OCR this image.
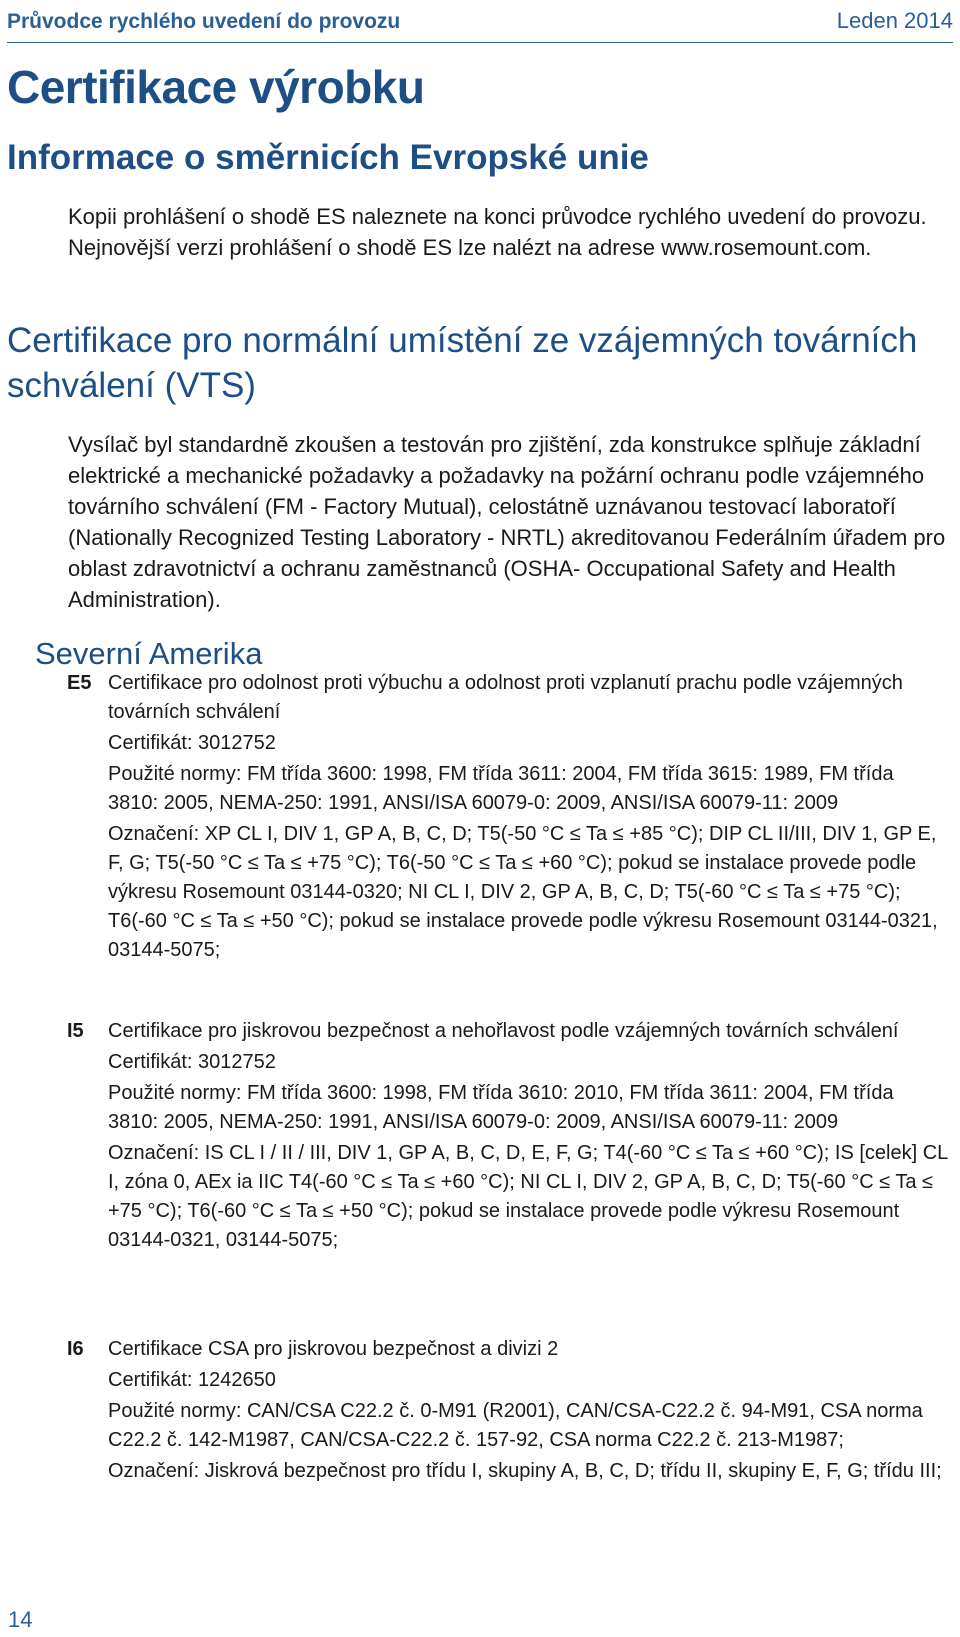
Průvodce rychlého uvedení do provozu	Leden 2014
Certifikace výrobku
Informace o směrnicích Evropské unie
Kopii prohlášení o shodě ES naleznete na konci průvodce rychlého uvedení do provozu. Nejnovější verzi prohlášení o shodě ES lze nalézt na adrese www.rosemount.com.
Certifikace pro normální umístění ze vzájemných továrních schválení (VTS)
Vysílač byl standardně zkoušen a testován pro zjištění, zda konstrukce splňuje základní elektrické a mechanické požadavky a požadavky na požární ochranu podle vzájemného továrního schválení (FM - Factory Mutual), celostátně uznávanou testovací laboratoří (Nationally Recognized Testing Laboratory - NRTL) akreditovanou Federálním úřadem pro oblast zdravotnictví a ochranu zaměstnanců (OSHA- Occupational Safety and Health Administration).
Severní Amerika
E5 Certifikace pro odolnost proti výbuchu a odolnost proti vzplanutí prachu podle vzájemných továrních schválení
Certifikát: 3012752
Použité normy: FM třída 3600: 1998, FM třída 3611: 2004, FM třída 3615: 1989, FM třída 3810: 2005, NEMA-250: 1991, ANSI/ISA 60079-0: 2009, ANSI/ISA 60079-11: 2009
Označení: XP CL I, DIV 1, GP A, B, C, D; T5(-50 °C ≤ Ta ≤ +85 °C); DIP CL II/III, DIV 1, GP E, F, G; T5(-50 °C ≤ Ta ≤ +75 °C); T6(-50 °C ≤ Ta ≤ +60 °C); pokud se instalace provede podle výkresu Rosemount 03144-0320; NI CL I, DIV 2, GP A, B, C, D; T5(-60 °C ≤ Ta ≤ +75 °C); T6(-60 °C ≤ Ta ≤ +50 °C); pokud se instalace provede podle výkresu Rosemount 03144-0321, 03144-5075;
I5 Certifikace pro jiskrovou bezpečnost a nehořlavost podle vzájemných továrních schválení
Certifikát: 3012752
Použité normy: FM třída 3600: 1998, FM třída 3610: 2010, FM třída 3611: 2004, FM třída 3810: 2005, NEMA-250: 1991, ANSI/ISA 60079-0: 2009, ANSI/ISA 60079-11: 2009
Označení: IS CL I / II / III, DIV 1, GP A, B, C, D, E, F, G; T4(-60 °C ≤ Ta ≤ +60 °C); IS [celek] CL I, zóna 0, AEx ia IIC T4(-60 °C ≤ Ta ≤ +60 °C); NI CL I, DIV 2, GP A, B, C, D; T5(-60 °C ≤ Ta ≤ +75 °C); T6(-60 °C ≤ Ta ≤ +50 °C); pokud se instalace provede podle výkresu Rosemount 03144-0321, 03144-5075;
I6 Certifikace CSA pro jiskrovou bezpečnost a divizi 2
Certifikát: 1242650
Použité normy: CAN/CSA C22.2 č. 0-M91 (R2001), CAN/CSA-C22.2 č. 94-M91, CSA norma C22.2 č. 142-M1987, CAN/CSA-C22.2 č. 157-92, CSA norma C22.2 č. 213-M1987;
Označení: Jiskrová bezpečnost pro třídu I, skupiny A, B, C, D; třídu II, skupiny E, F, G; třídu III;
14
